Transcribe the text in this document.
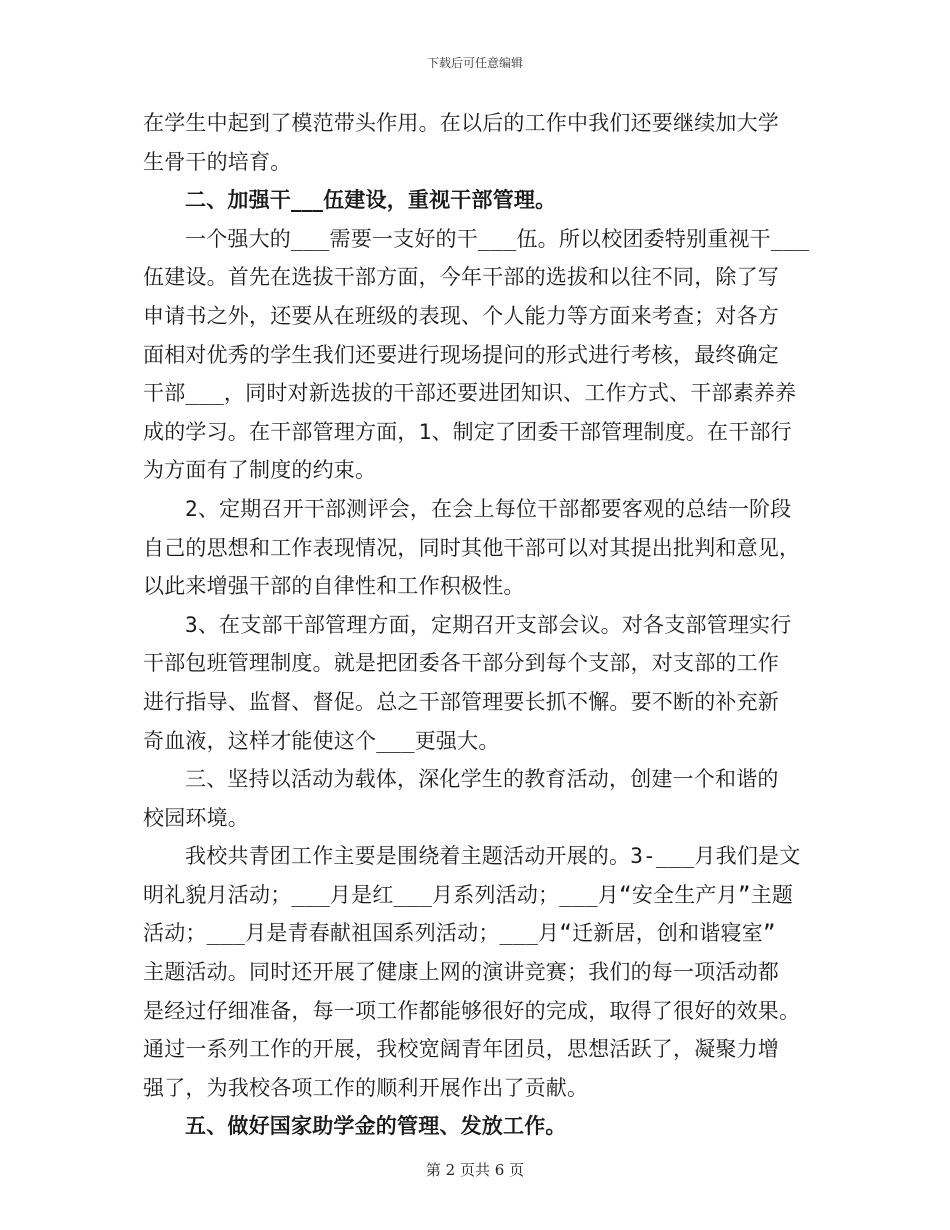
下载后可任意编辑

在学生中起到了模范带头作用。在以后的工作中我们还要继续加大学
生骨干的培育。

二、加强干___伍建设，重视干部管理。

一个强大的___需要一支好的干___伍。所以校团委特别重视干___
伍建设。首先在选拔干部方面，今年干部的选拔和以往不同，除了写
申请书之外，还要从在班级的表现、个人能力等方面来考查；对各方
面相对优秀的学生我们还要进行现场提问的形式进行考核，最终确定
干部___，同时对新选拔的干部还要进团知识、工作方式、干部素养养
成的学习。在干部管理方面，1、制定了团委干部管理制度。在干部行
为方面有了制度的约束。

2、定期召开干部测评会，在会上每位干部都要客观的总结一阶段
自己的思想和工作表现情况，同时其他干部可以对其提出批判和意见，
以此来增强干部的自律性和工作积极性。

3、在支部干部管理方面，定期召开支部会议。对各支部管理实行
干部包班管理制度。就是把团委各干部分到每个支部，对支部的工作
进行指导、监督、督促。总之干部管理要长抓不懈。要不断的补充新
奇血液，这样才能使这个___更强大。

三、坚持以活动为载体，深化学生的教育活动，创建一个和谐的
校园环境。

我校共青团工作主要是围绕着主题活动开展的。3-___月我们是文
明礼貌月活动；___月是红___月系列活动；___月“安全生产月”主题
活动；___月是青春献祖国系列活动；___月“迁新居，创和谐寝室”
主题活动。同时还开展了健康上网的演讲竞赛；我们的每一项活动都
是经过仔细准备，每一项工作都能够很好的完成，取得了很好的效果。
通过一系列工作的开展，我校宽阔青年团员，思想活跃了，凝聚力增
强了，为我校各项工作的顺利开展作出了贡献。

五、做好国家助学金的管理、发放工作。

第 2 页共 6 页
